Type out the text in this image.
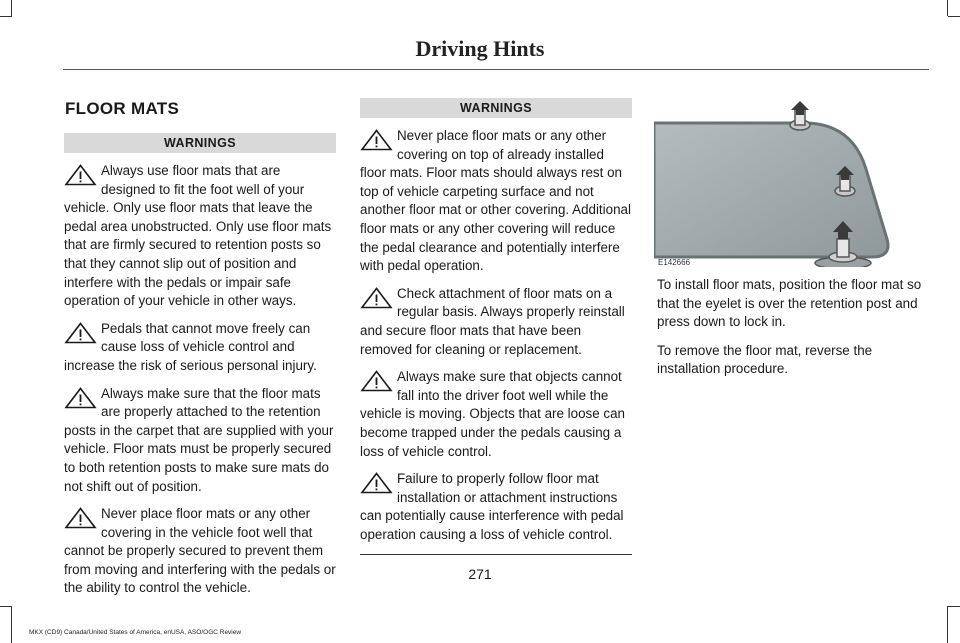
Driving Hints
FLOOR MATS
WARNINGS

Always use floor mats that are designed to fit the foot well of your vehicle. Only use floor mats that leave the pedal area unobstructed. Only use floor mats that are firmly secured to retention posts so that they cannot slip out of position and interfere with the pedals or impair safe operation of your vehicle in other ways.

Pedals that cannot move freely can cause loss of vehicle control and increase the risk of serious personal injury.

Always make sure that the floor mats are properly attached to the retention posts in the carpet that are supplied with your vehicle. Floor mats must be properly secured to both retention posts to make sure mats do not shift out of position.

Never place floor mats or any other covering in the vehicle foot well that cannot be properly secured to prevent them from moving and interfering with the pedals or the ability to control the vehicle.

WARNINGS

Never place floor mats or any other covering on top of already installed floor mats. Floor mats should always rest on top of vehicle carpeting surface and not another floor mat or other covering. Additional floor mats or any other covering will reduce the pedal clearance and potentially interfere with pedal operation.

Check attachment of floor mats on a regular basis. Always properly reinstall and secure floor mats that have been removed for cleaning or replacement.

Always make sure that objects cannot fall into the driver foot well while the vehicle is moving. Objects that are loose can become trapped under the pedals causing a loss of vehicle control.

Failure to properly follow floor mat installation or attachment instructions can potentially cause interference with pedal operation causing a loss of vehicle control.

E142666

To install floor mats, position the floor mat so that the eyelet is over the retention post and press down to lock in.

To remove the floor mat, reverse the installation procedure.

271
MKX (CD9) Canada/United States of America, enUSA, ASO/OGC Review
